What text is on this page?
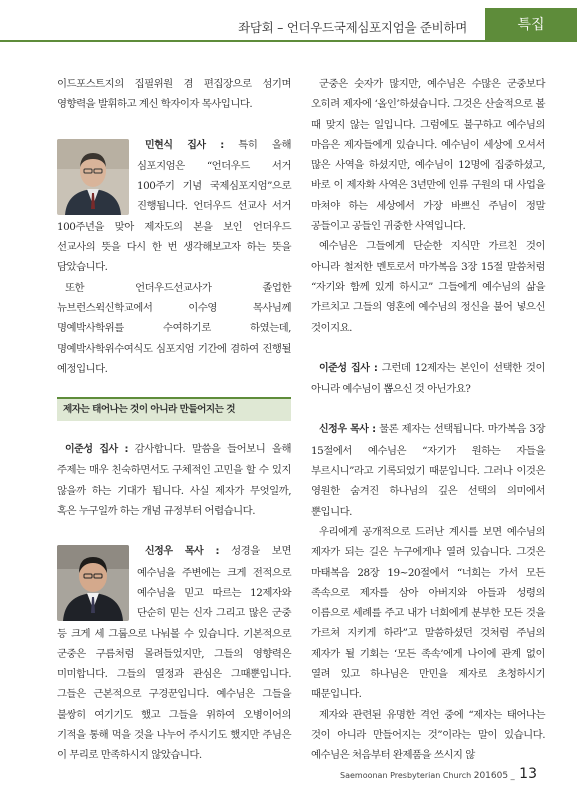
좌담회 – 언더우드국제심포지엄을 준비하며	특집

이드포스트지의 집필위원 겸 편집장으로 섬기며 영향력을 발휘하고 계신 학자이자 목사입니다.

민현식 집사 : 특히 올해 심포지엄은 “언더우드 서거 100주기 기념 국제심포지엄”으로 진행됩니다. 언더우드 선교사 서거 100주년을 맞아 제자도의 본을 보인 언더우드 선교사의 뜻을 다시 한 번 생각해보고자 하는 뜻을 담았습니다.

또한 언더우드선교사가 졸업한 뉴브런스윅신학교에서 이수영 목사님께 명예박사학위를 수여하기로 하였는데, 명예박사학위수여식도 심포지엄 기간에 겸하여 진행될 예정입니다.

제자는 태어나는 것이 아니라 만들어지는 것

이준성 집사 : 감사합니다. 말씀을 들어보니 올해 주제는 매우 친숙하면서도 구체적인 고민을 할 수 있지 않을까 하는 기대가 됩니다. 사실 제자가 무엇일까, 혹은 누구일까 하는 개념 규정부터 어렵습니다.

신정우 목사 : 성경을 보면 예수님을 주변에는 크게 전적으로 예수님을 믿고 따르는 12제자와 단순히 믿는 신자 그리고 많은 군중 등 크게 세 그룹으로 나눠볼 수 있습니다. 기본적으로 군중은 구름처럼 몰려들었지만, 그들의 영향력은 미미합니다. 그들의 열정과 관심은 그때뿐입니다. 그들은 근본적으로 구경꾼입니다. 예수님은 그들을 불쌍히 여기기도 했고 그들을 위하여 오병이어의 기적을 통해 먹을 것을 나누어 주시기도 했지만 주님은 이 무리로 만족하시지 않았습니다.

군중은 숫자가 많지만, 예수님은 수많은 군중보다 오히려 제자에 ‘올인’하셨습니다. 그것은 산술적으로 볼 때 맞지 않는 일입니다. 그럼에도 불구하고 예수님의 마음은 제자들에게 있습니다. 예수님이 세상에 오셔서 많은 사역을 하셨지만, 예수님이 12명에 집중하셨고, 바로 이 제자화 사역은 3년만에 인류 구원의 대 사업을 마쳐야 하는 세상에서 가장 바쁘신 주님이 정말 공들이고 공들인 귀중한 사역입니다.

예수님은 그들에게 단순한 지식만 가르친 것이 아니라 철저한 멘토로서 마가복음 3장 15절 말씀처럼 “자기와 함께 있게 하시고” 그들에게 예수님의 삶을 가르치고 그들의 영혼에 예수님의 정신을 불어 넣으신 것이지요.

이준성 집사 : 그런데 12제자는 본인이 선택한 것이 아니라 예수님이 뽑으신 것 아닌가요?

신정우 목사 : 물론 제자는 선택됩니다. 마가복음 3장 15절에서 예수님은 “자기가 원하는 자들을 부르시니”라고 기록되었기 때문입니다. 그러나 이것은 영원한 숨겨진 하나님의 깊은 선택의 의미에서 뿐입니다.

우리에게 공개적으로 드러난 계시를 보면 예수님의 제자가 되는 길은 누구에게나 열려 있습니다. 그것은 마태복음 28장 19~20절에서 “너희는 가서 모든 족속으로 제자를 삼아 아버지와 아들과 성령의 이름으로 세례를 주고 내가 너희에게 분부한 모든 것을 가르쳐 지키게 하라”고 말씀하셨던 것처럼 주님의 제자가 될 기회는 ‘모든 족속’에게 나이에 관계 없이 열려 있고 하나님은 만민을 제자로 초청하시기 때문입니다.

제자와 관련된 유명한 격언 중에 “제자는 태어나는 것이 아니라 만들어지는 것”이라는 말이 있습니다. 예수님은 처음부터 완제품을 쓰시지 않

Saemoonan Presbyterian Church 201605 _ 13
